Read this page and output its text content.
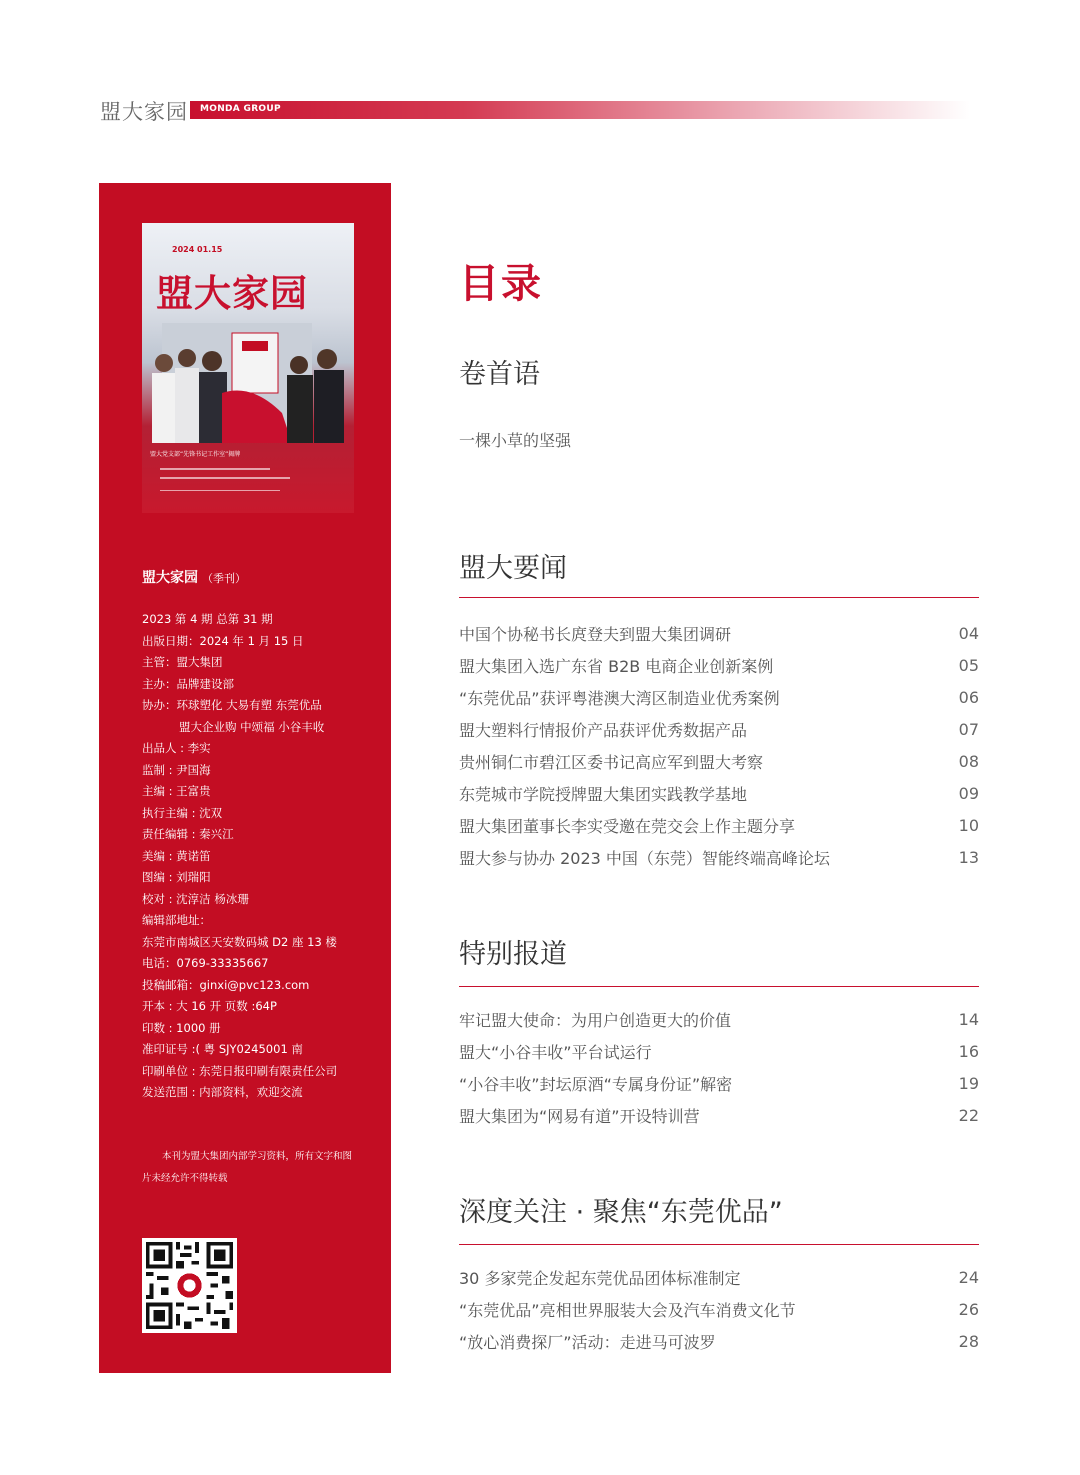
盟大家园 MONDA GROUP
2024 01.15
盟大家园
盟大党支部“先锋书记工作室”揭牌
盟大家园 （季刊）
2023 第 4 期 总第 31 期
出版日期：2024 年 1 月 15 日
主管：盟大集团
主办：品牌建设部
协办：环球塑化 大易有塑 东莞优品
盟大企业购 中颂福 小谷丰收
出品人 : 李实
监制 : 尹国海
主编 : 王富贵
执行主编 : 沈双
责任编辑 : 秦兴江
美编 : 黄诺笛
图编 : 刘瑞阳
校对 : 沈淳洁 杨冰珊
编辑部地址：
东莞市南城区天安数码城 D2 座 13 楼
电话：0769-33335667
投稿邮箱：ginxi@pvc123.com
开本 : 大 16 开 页数 :64P
印数 : 1000 册
准印证号 :( 粤 SJY0245001 南
印刷单位 : 东莞日报印刷有限责任公司
发送范围 : 内部资料，欢迎交流
本刊为盟大集团内部学习资料，所有文字和图片未经允许不得转载
目录
卷首语
一棵小草的坚强
盟大要闻
中国个协秘书长庹登夫到盟大集团调研	04
盟大集团入选广东省 B2B 电商企业创新案例	05
“东莞优品”获评粤港澳大湾区制造业优秀案例	06
盟大塑料行情报价产品获评优秀数据产品	07
贵州铜仁市碧江区委书记高应军到盟大考察	08
东莞城市学院授牌盟大集团实践教学基地	09
盟大集团董事长李实受邀在莞交会上作主题分享	10
盟大参与协办 2023 中国（东莞）智能终端高峰论坛	13
特别报道
牢记盟大使命：为用户创造更大的价值	14
盟大“小谷丰收”平台试运行	16
“小谷丰收”封坛原酒“专属身份证”解密	19
盟大集团为“网易有道”开设特训营	22
深度关注 · 聚焦“东莞优品”
30 多家莞企发起东莞优品团体标准制定	24
“东莞优品”亮相世界服装大会及汽车消费文化节	26
“放心消费探厂”活动：走进马可波罗	28
